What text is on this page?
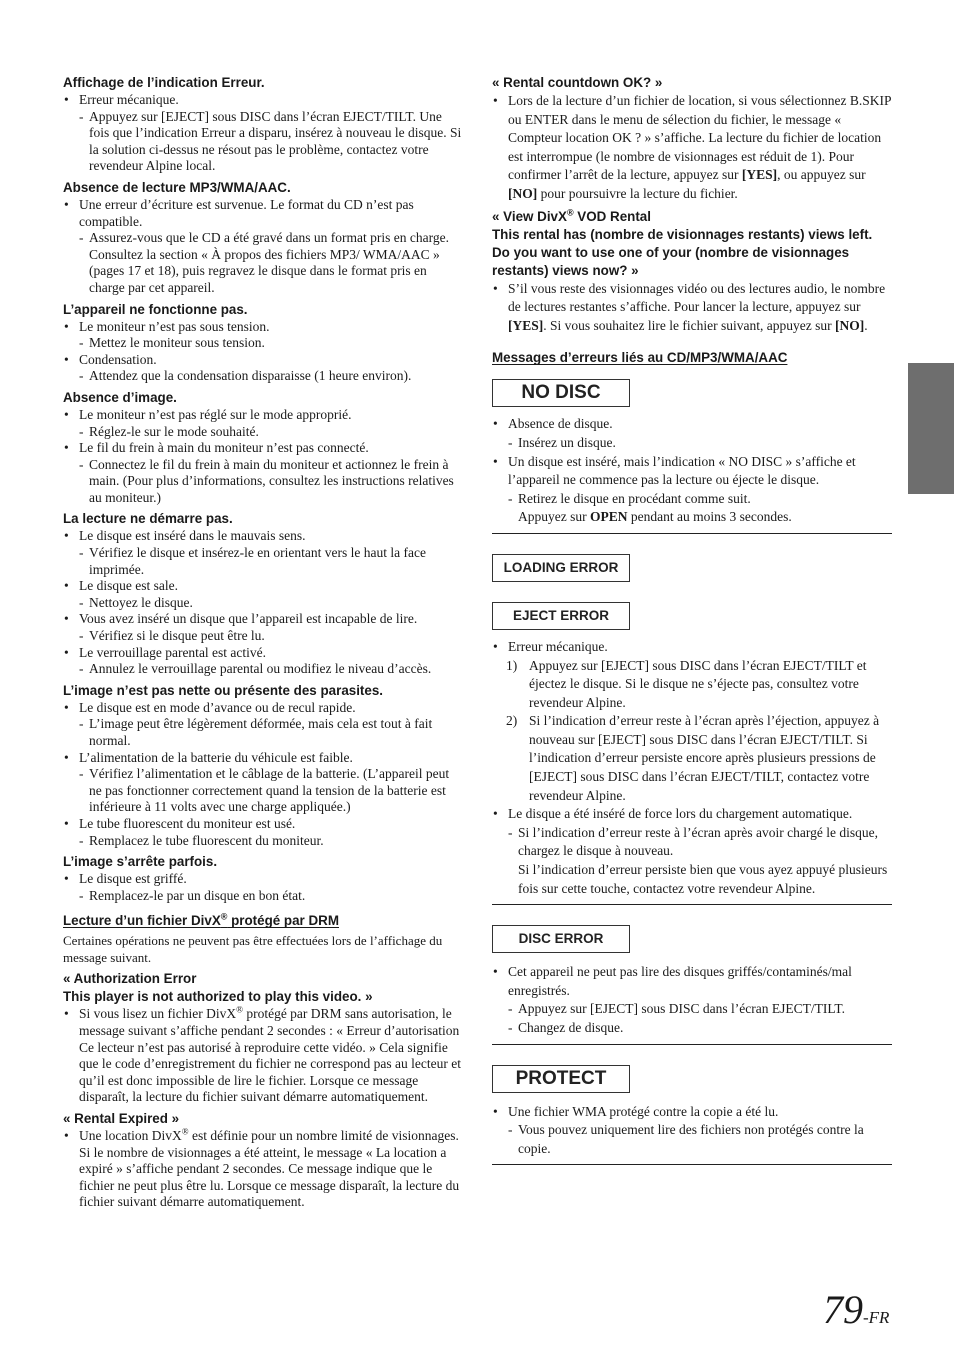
Affichage de l’indication Erreur.

• Erreur mécanique.
- Appuyez sur [EJECT] sous DISC dans l’écran EJECT/TILT. Une fois que l’indication Erreur a disparu, insérez à nouveau le disque. Si la solution ci-dessus ne résout pas le problème, contactez votre revendeur Alpine local.

Absence de lecture MP3/WMA/AAC.

• Une erreur d’écriture est survenue. Le format du CD n’est pas compatible.
- Assurez-vous que le CD a été gravé dans un format pris en charge. Consultez la section « À propos des fichiers MP3/ WMA/AAC » (pages 17 et 18), puis regravez le disque dans le format pris en charge par cet appareil.

L’appareil ne fonctionne pas.

• Le moniteur n’est pas sous tension.
- Mettez le moniteur sous tension.
• Condensation.
- Attendez que la condensation disparaisse (1 heure environ).

Absence d’image.

• Le moniteur n’est pas réglé sur le mode approprié.
- Réglez-le sur le mode souhaité.
• Le fil du frein à main du moniteur n’est pas connecté.
- Connectez le fil du frein à main du moniteur et actionnez le frein à main. (Pour plus d’informations, consultez les instructions relatives au moniteur.)

La lecture ne démarre pas.

• Le disque est inséré dans le mauvais sens.
- Vérifiez le disque et insérez-le en orientant vers le haut la face imprimée.
• Le disque est sale.
- Nettoyez le disque.
• Vous avez inséré un disque que l’appareil est incapable de lire.
- Vérifiez si le disque peut être lu.
• Le verrouillage parental est activé.
- Annulez le verrouillage parental ou modifiez le niveau d’accès.

L’image n’est pas nette ou présente des parasites.

• Le disque est en mode d’avance ou de recul rapide.
- L’image peut être légèrement déformée, mais cela est tout à fait normal.
• L’alimentation de la batterie du véhicule est faible.
- Vérifiez l’alimentation et le câblage de la batterie. (L’appareil peut ne pas fonctionner correctement quand la tension de la batterie est inférieure à 11 volts avec une charge appliquée.)
• Le tube fluorescent du moniteur est usé.
- Remplacez le tube fluorescent du moniteur.

L’image s’arrête parfois.

• Le disque est griffé.
- Remplacez-le par un disque en bon état.

Lecture d’un fichier DivX® protégé par DRM

Certaines opérations ne peuvent pas être effectuées lors de l’affichage du message suivant.

« Authorization Error

This player is not authorized to play this video. »

• Si vous lisez un fichier DivX® protégé par DRM sans autorisation, le message suivant s’affiche pendant 2 secondes : « Erreur d’autorisation Ce lecteur n’est pas autorisé à reproduire cette vidéo. » Cela signifie que le code d’enregistrement du fichier ne correspond pas au lecteur et qu’il est donc impossible de lire le fichier. Lorsque ce message disparaît, la lecture du fichier suivant démarre automatiquement.

« Rental Expired »

• Une location DivX® est définie pour un nombre limité de visionnages. Si le nombre de visionnages a été atteint, le message « La location a expiré » s’affiche pendant 2 secondes. Ce message indique que le fichier ne peut plus être lu. Lorsque ce message disparaît, la lecture du fichier suivant démarre automatiquement.

« Rental countdown OK? »

• Lors de la lecture d’un fichier de location, si vous sélectionnez B.SKIP ou ENTER dans le menu de sélection du fichier, le message « Compteur location OK ? » s’affiche. La lecture du fichier de location est interrompue (le nombre de visionnages est réduit de 1). Pour confirmer l’arrêt de la lecture, appuyez sur [YES], ou appuyez sur [NO] pour poursuivre la lecture du fichier.

« View DivX® VOD Rental

This rental has (nombre de visionnages restants) views left. Do you want to use one of your (nombre de visionnages restants) views now? »

• S’il vous reste des visionnages vidéo ou des lectures audio, le nombre de lectures restantes s’affiche. Pour lancer la lecture, appuyez sur [YES]. Si vous souhaitez lire le fichier suivant, appuyez sur [NO].

Messages d’erreurs liés au CD/MP3/WMA/AAC

NO DISC
• Absence de disque.
- Insérez un disque.
• Un disque est inséré, mais l’indication « NO DISC » s’affiche et l’appareil ne commence pas la lecture ou éjecte le disque.
- Retirez le disque en procédant comme suit.
Appuyez sur OPEN pendant au moins 3 secondes.
LOADING ERROR
EJECT ERROR
• Erreur mécanique.
1) Appuyez sur [EJECT] sous DISC dans l’écran EJECT/TILT et éjectez le disque. Si le disque ne s’éjecte pas, consultez votre revendeur Alpine.
2) Si l’indication d’erreur reste à l’écran après l’éjection, appuyez à nouveau sur [EJECT] sous DISC dans l’écran EJECT/TILT. Si l’indication d’erreur persiste encore après plusieurs pressions de [EJECT] sous DISC dans l’écran EJECT/TILT, contactez votre revendeur Alpine.
• Le disque a été inséré de force lors du chargement automatique.
- Si l’indication d’erreur reste à l’écran après avoir chargé le disque, chargez le disque à nouveau.
Si l’indication d’erreur persiste bien que vous ayez appuyé plusieurs fois sur cette touche, contactez votre revendeur Alpine.
DISC ERROR
• Cet appareil ne peut pas lire des disques griffés/contaminés/mal enregistrés.
- Appuyez sur [EJECT] sous DISC dans l’écran EJECT/TILT.
- Changez de disque.
PROTECT
• Une fichier WMA protégé contre la copie a été lu.
- Vous pouvez uniquement lire des fichiers non protégés contre la copie.
79-FR
